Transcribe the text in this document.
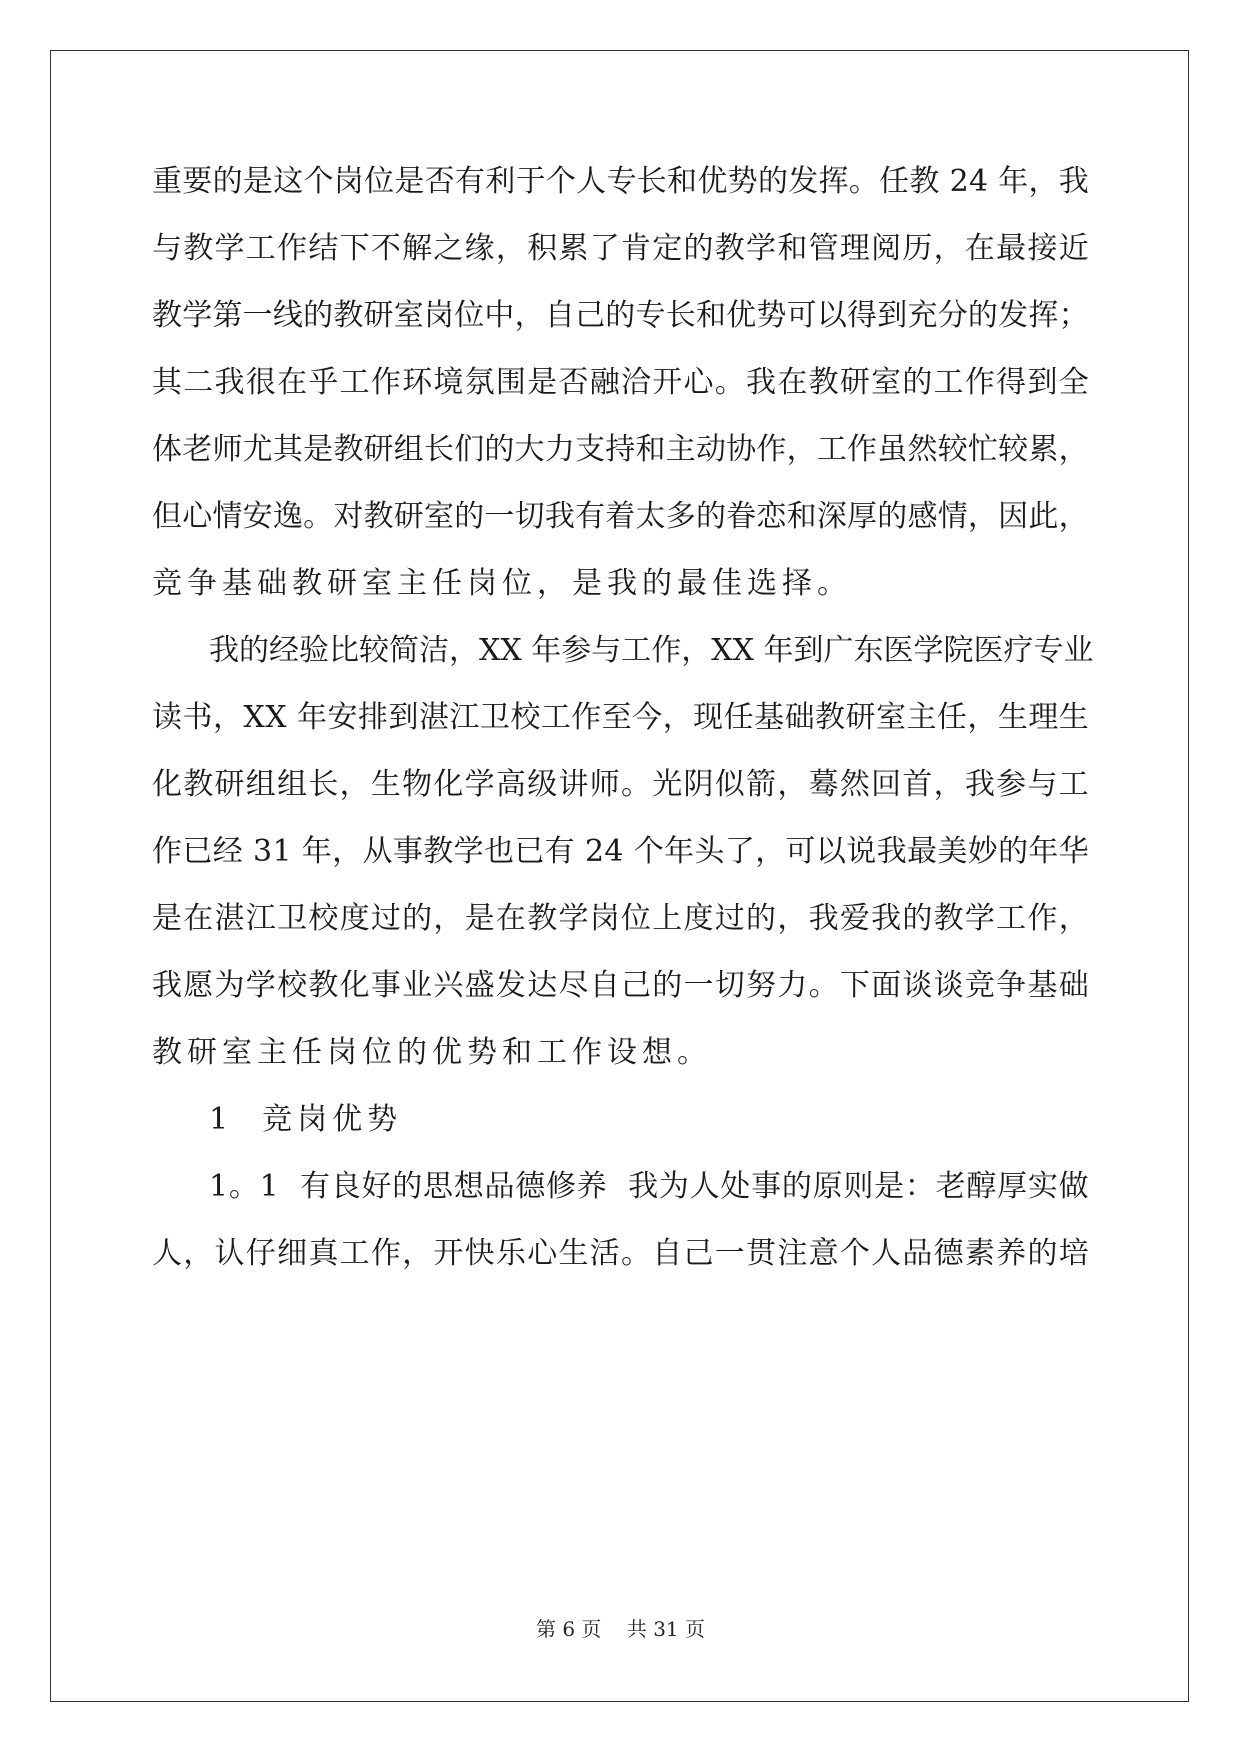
重 要 的 是 这 个 岗 位 是 否 有 利 于 个 人 专 长 和 优 势 的 发 挥 。 任 教
2 4
年 ， 我
与 教 学 工 作 结 下 不 解 之 缘 ， 积 累 了 肯 定 的 教 学 和 管 理 阅 历 ， 在 最 接 近
教 学 第 一 线 的 教 研 室 岗 位 中 ， 自 己 的 专 长 和 优 势 可 以 得 到 充 分 的 发 挥 ；
其 二 我 很 在 乎 工 作 环 境 氛 围 是 否 融 洽 开 心 。 我 在 教 研 室 的 工 作 得 到 全
体 老 师 尤 其 是 教 研 组 长 们 的 大 力 支 持 和 主 动 协 作 ， 工 作 虽 然 较 忙 较 累 ，
但 心 情 安 逸 。 对 教 研 室 的 一 切 我 有 着 太 多 的 眷 恋 和 深 厚 的 感 情 ， 因 此 ，
竞争基础教研室主任岗位，是我的最佳选择。
我 的 经 验 比 较 简 洁 ， X X
年 参 与 工 作 ， X X
年 到 广 东 医 学 院 医 疗 专 业
读 书 ， X X
年 安 排 到 湛 江 卫 校 工 作 至 今 ， 现 任 基 础 教 研 室 主 任 ， 生 理 生
化 教 研 组 组 长 ， 生 物 化 学 高 级 讲 师 。 光 阴 似 箭 ， 蓦 然 回 首 ， 我 参 与 工
作 已 经
3 1
年 ， 从 事 教 学 也 已 有
2 4
个 年 头 了 ， 可 以 说 我 最 美 妙 的 年 华
是 在 湛 江 卫 校 度 过 的 ， 是 在 教 学 岗 位 上 度 过 的 ， 我 爱 我 的 教 学 工 作 ，
我 愿 为 学 校 教 化 事 业 兴 盛 发 达 尽 自 己 的 一 切 努 力 。 下 面 谈 谈 竞 争 基 础
教研室主任岗位的优势和工作设想。
1  竞岗优势
1 。 1

有 良 好 的 思 想 品 德 修 养

我 为 人 处 事 的 原 则 是 ： 老 醇 厚 实 做
人 ， 认 仔 细 真 工 作 ， 开 快 乐 心 生 活 。 自 己 一 贯 注 意 个 人 品 德 素 养 的 培
第 6 页    共 31 页
